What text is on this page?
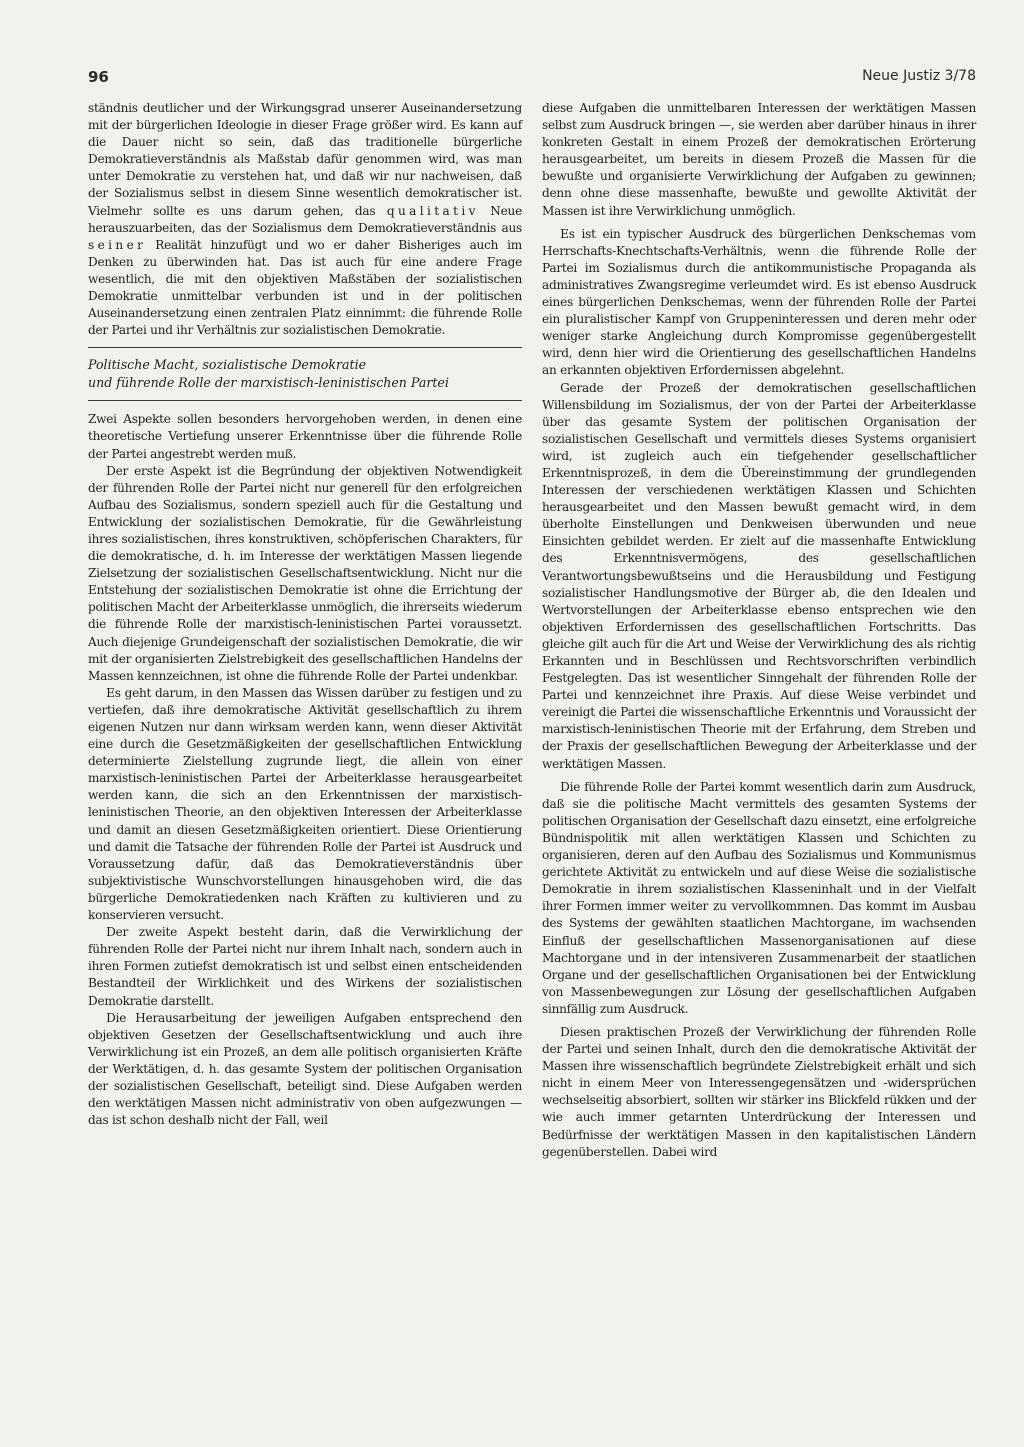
96	Neue Justiz 3/78

ständnis deutlicher und der Wirkungsgrad unserer Auseinandersetzung mit der bürgerlichen Ideologie in dieser Frage größer wird. Es kann auf die Dauer nicht so sein, daß das traditionelle bürgerliche Demokratieverständnis als Maßstab dafür genommen wird, was man unter Demokratie zu verstehen hat, und daß wir nur nachweisen, daß der Sozialismus selbst in diesem Sinne wesentlich demokratischer ist. Vielmehr sollte es uns darum gehen, das qualitativ Neue herauszuarbeiten, das der Sozialismus dem Demokratieverständnis aus seiner Realität hinzufügt und wo er daher Bisheriges auch im Denken zu überwinden hat. Das ist auch für eine andere Frage wesentlich, die mit den objektiven Maßstäben der sozialistischen Demokratie unmittelbar verbunden ist und in der politischen Auseinandersetzung einen zentralen Platz einnimmt: die führende Rolle der Partei und ihr Verhältnis zur sozialistischen Demokratie.

Politische Macht, sozialistische Demokratie
und führende Rolle der marxistisch-leninistischen Partei

Zwei Aspekte sollen besonders hervorgehoben werden, in denen eine theoretische Vertiefung unserer Erkenntnisse über die führende Rolle der Partei angestrebt werden muß.

Der erste Aspekt ist die Begründung der objektiven Notwendigkeit der führenden Rolle der Partei nicht nur generell für den erfolgreichen Aufbau des Sozialismus, sondern speziell auch für die Gestaltung und Entwicklung der sozialistischen Demokratie, für die Gewährleistung ihres sozialistischen, ihres konstruktiven, schöpferischen Charakters, für die demokratische, d. h. im Interesse der werktätigen Massen liegende Zielsetzung der sozialistischen Gesellschaftsentwicklung. Nicht nur die Entstehung der sozialistischen Demokratie ist ohne die Errichtung der politischen Macht der Arbeiterklasse unmöglich, die ihrerseits wiederum die führende Rolle der marxistisch-leninistischen Partei voraussetzt. Auch diejenige Grundeigenschaft der sozialistischen Demokratie, die wir mit der organisierten Zielstrebigkeit des gesellschaftlichen Handelns der Massen kennzeichnen, ist ohne die führende Rolle der Partei undenkbar.

Es geht darum, in den Massen das Wissen darüber zu festigen und zu vertiefen, daß ihre demokratische Aktivität gesellschaftlich zu ihrem eigenen Nutzen nur dann wirksam werden kann, wenn dieser Aktivität eine durch die Gesetzmäßigkeiten der gesellschaftlichen Entwicklung determinierte Zielstellung zugrunde liegt, die allein von einer marxistisch-leninistischen Partei der Arbeiterklasse herausgearbeitet werden kann, die sich an den Erkenntnissen der marxistisch-leninistischen Theorie, an den objektiven Interessen der Arbeiterklasse und damit an diesen Gesetzmäßigkeiten orientiert. Diese Orientierung und damit die Tatsache der führenden Rolle der Partei ist Ausdruck und Voraussetzung dafür, daß das Demokratieverständnis über subjektivistische Wunschvorstellungen hinausgehoben wird, die das bürgerliche Demokratiedenken nach Kräften zu kultivieren und zu konservieren versucht.

Der zweite Aspekt besteht darin, daß die Verwirklichung der führenden Rolle der Partei nicht nur ihrem Inhalt nach, sondern auch in ihren Formen zutiefst demokratisch ist und selbst einen entscheidenden Bestandteil der Wirklichkeit und des Wirkens der sozialistischen Demokratie darstellt.

Die Herausarbeitung der jeweiligen Aufgaben entsprechend den objektiven Gesetzen der Gesellschaftsentwicklung und auch ihre Verwirklichung ist ein Prozeß, an dem alle politisch organisierten Kräfte der Werktätigen, d. h. das gesamte System der politischen Organisation der sozialistischen Gesellschaft, beteiligt sind. Diese Aufgaben werden den werktätigen Massen nicht administrativ von oben aufgezwungen — das ist schon deshalb nicht der Fall, weil

diese Aufgaben die unmittelbaren Interessen der werktätigen Massen selbst zum Ausdruck bringen —, sie werden aber darüber hinaus in ihrer konkreten Gestalt in einem Prozeß der demokratischen Erörterung herausgearbeitet, um bereits in diesem Prozeß die Massen für die bewußte und organisierte Verwirklichung der Aufgaben zu gewinnen; denn ohne diese massenhafte, bewußte und gewollte Aktivität der Massen ist ihre Verwirklichung unmöglich.

Es ist ein typischer Ausdruck des bürgerlichen Denkschemas vom Herrschafts-Knechtschafts-Verhältnis, wenn die führende Rolle der Partei im Sozialismus durch die antikommunistische Propaganda als administratives Zwangsregime verleumdet wird. Es ist ebenso Ausdruck eines bürgerlichen Denkschemas, wenn der führenden Rolle der Partei ein pluralistischer Kampf von Gruppeninteressen und deren mehr oder weniger starke Angleichung durch Kompromisse gegenübergestellt wird, denn hier wird die Orientierung des gesellschaftlichen Handelns an erkannten objektiven Erfordernissen abgelehnt.

Gerade der Prozeß der demokratischen gesellschaftlichen Willensbildung im Sozialismus, der von der Partei der Arbeiterklasse über das gesamte System der politischen Organisation der sozialistischen Gesellschaft und vermittels dieses Systems organisiert wird, ist zugleich auch ein tiefgehender gesellschaftlicher Erkenntnisprozeß, in dem die Übereinstimmung der grundlegenden Interessen der verschiedenen werktätigen Klassen und Schichten herausgearbeitet und den Massen bewußt gemacht wird, in dem überholte Einstellungen und Denkweisen überwunden und neue Einsichten gebildet werden. Er zielt auf die massenhafte Entwicklung des Erkenntnisvermögens, des gesellschaftlichen Verantwortungsbewußtseins und die Herausbildung und Festigung sozialistischer Handlungsmotive der Bürger ab, die den Idealen und Wertvorstellungen der Arbeiterklasse ebenso entsprechen wie den objektiven Erfordernissen des gesellschaftlichen Fortschritts. Das gleiche gilt auch für die Art und Weise der Verwirklichung des als richtig Erkannten und in Beschlüssen und Rechtsvorschriften verbindlich Festgelegten. Das ist wesentlicher Sinngehalt der führenden Rolle der Partei und kennzeichnet ihre Praxis. Auf diese Weise verbindet und vereinigt die Partei die wissenschaftliche Erkenntnis und Voraussicht der marxistisch-leninistischen Theorie mit der Erfahrung, dem Streben und der Praxis der gesellschaftlichen Bewegung der Arbeiterklasse und der werktätigen Massen.

Die führende Rolle der Partei kommt wesentlich darin zum Ausdruck, daß sie die politische Macht vermittels des gesamten Systems der politischen Organisation der Gesellschaft dazu einsetzt, eine erfolgreiche Bündnispolitik mit allen werktätigen Klassen und Schichten zu organisieren, deren auf den Aufbau des Sozialismus und Kommunismus gerichtete Aktivität zu entwickeln und auf diese Weise die sozialistische Demokratie in ihrem sozialistischen Klasseninhalt und in der Vielfalt ihrer Formen immer weiter zu vervollkommnen. Das kommt im Ausbau des Systems der gewählten staatlichen Machtorgane, im wachsenden Einfluß der gesellschaftlichen Massenorganisationen auf diese Machtorgane und in der intensiveren Zusammenarbeit der staatlichen Organe und der gesellschaftlichen Organisationen bei der Entwicklung von Massenbewegungen zur Lösung der gesellschaftlichen Aufgaben sinnfällig zum Ausdruck.

Diesen praktischen Prozeß der Verwirklichung der führenden Rolle der Partei und seinen Inhalt, durch den die demokratische Aktivität der Massen ihre wissenschaftlich begründete Zielstrebigkeit erhält und sich nicht in einem Meer von Interessengegensätzen und -widersprüchen wechselseitig absorbiert, sollten wir stärker ins Blickfeld rükken und der wie auch immer getarnten Unterdrückung der Interessen und Bedürfnisse der werktätigen Massen in den kapitalistischen Ländern gegenüberstellen. Dabei wird
